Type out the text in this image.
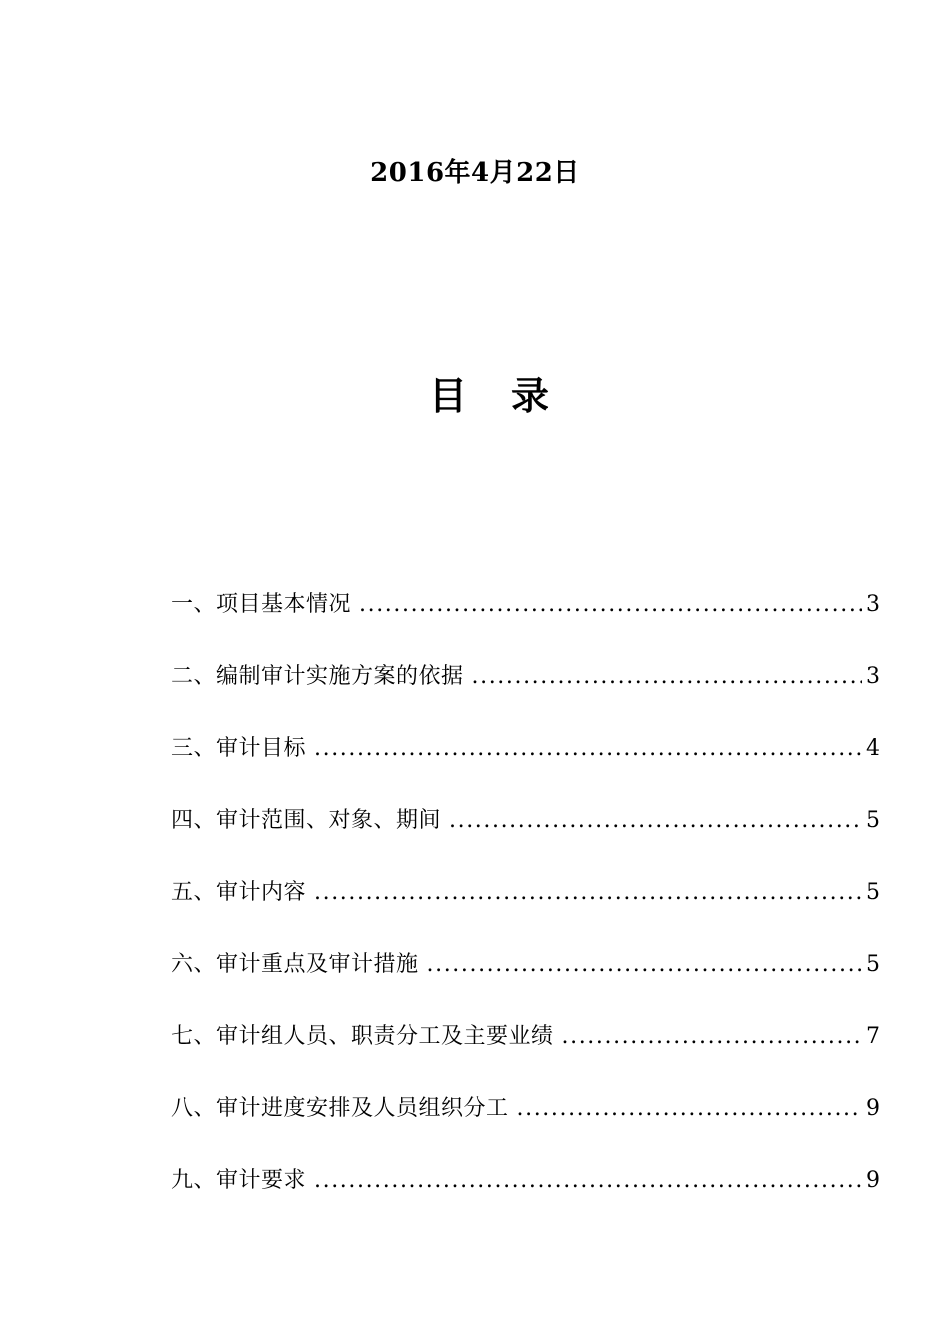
2016年4月22日
目 录
一、项目基本情况 .....	3
二、编制审计实施方案的依据 .....	3
三、审计目标 .....	4
四、审计范围、对象、期间 .....	5
五、审计内容 .....	5
六、审计重点及审计措施 .....	5
七、审计组人员、职责分工及主要业绩 .....	7
八、审计进度安排及人员组织分工 .....	9
九、审计要求 .....	9
